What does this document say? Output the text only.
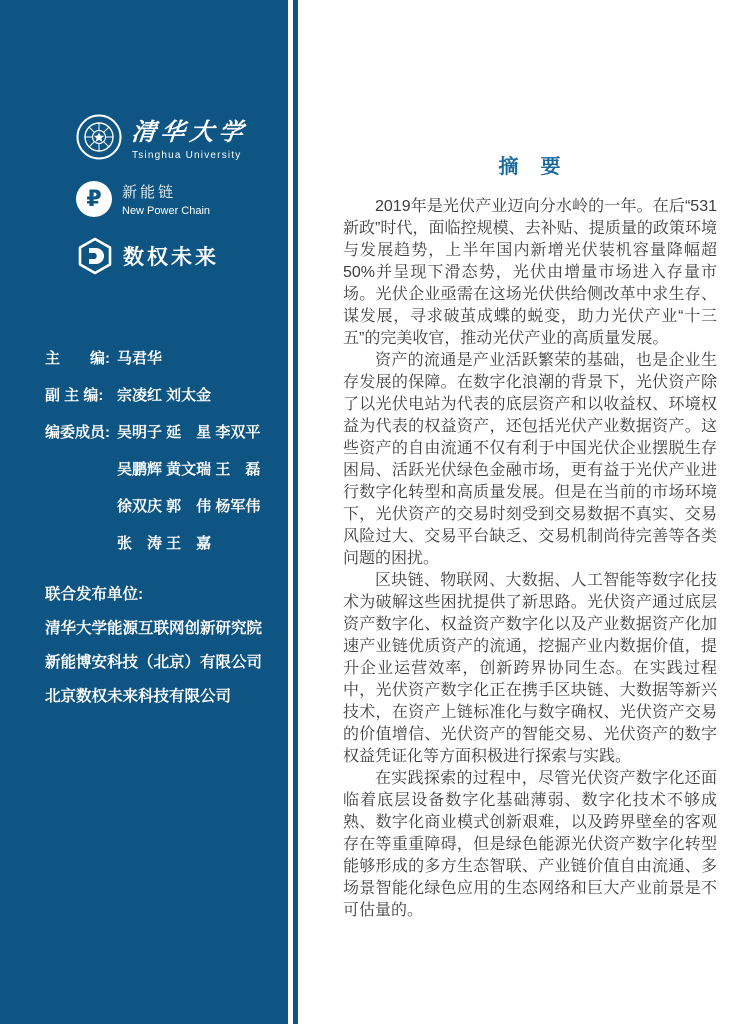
清华大学
Tsinghua University
₽	新能链
New Power Chain
数权未来
主　　编: 马君华
副 主 编: 宗凌红 刘太金
编委成员: 吴明子 延　星 李双平
吴鹏辉 黄文瑞 王　磊
徐双庆 郭　伟 杨军伟
张　涛 王　嘉
联合发布单位:
清华大学能源互联网创新研究院
新能博安科技（北京）有限公司
北京数权未来科技有限公司
摘　要

2019年是光伏产业迈向分水岭的一年。在后“531新政”时代，面临控规模、去补贴、提质量的政策环境与发展趋势，上半年国内新增光伏装机容量降幅超50%并呈现下滑态势，光伏由增量市场进入存量市场。光伏企业亟需在这场光伏供给侧改革中求生存、谋发展，寻求破茧成蝶的蜕变，助力光伏产业“十三五”的完美收官，推动光伏产业的高质量发展。

资产的流通是产业活跃繁荣的基础，也是企业生存发展的保障。在数字化浪潮的背景下，光伏资产除了以光伏电站为代表的底层资产和以收益权、环境权益为代表的权益资产，还包括光伏产业数据资产。这些资产的自由流通不仅有利于中国光伏企业摆脱生存困局、活跃光伏绿色金融市场，更有益于光伏产业进行数字化转型和高质量发展。但是在当前的市场环境下，光伏资产的交易时刻受到交易数据不真实、交易风险过大、交易平台缺乏、交易机制尚待完善等各类问题的困扰。

区块链、物联网、大数据、人工智能等数字化技术为破解这些困扰提供了新思路。光伏资产通过底层资产数字化、权益资产数字化以及产业数据资产化加速产业链优质资产的流通，挖掘产业内数据价值，提升企业运营效率，创新跨界协同生态。在实践过程中，光伏资产数字化正在携手区块链、大数据等新兴技术，在资产上链标准化与数字确权、光伏资产交易的价值增信、光伏资产的智能交易、光伏资产的数字权益凭证化等方面积极进行探索与实践。

在实践探索的过程中，尽管光伏资产数字化还面临着底层设备数字化基础薄弱、数字化技术不够成熟、数字化商业模式创新艰难，以及跨界壁垒的客观存在等重重障碍，但是绿色能源光伏资产数字化转型能够形成的多方生态智联、产业链价值自由流通、多场景智能化绿色应用的生态网络和巨大产业前景是不可估量的。
